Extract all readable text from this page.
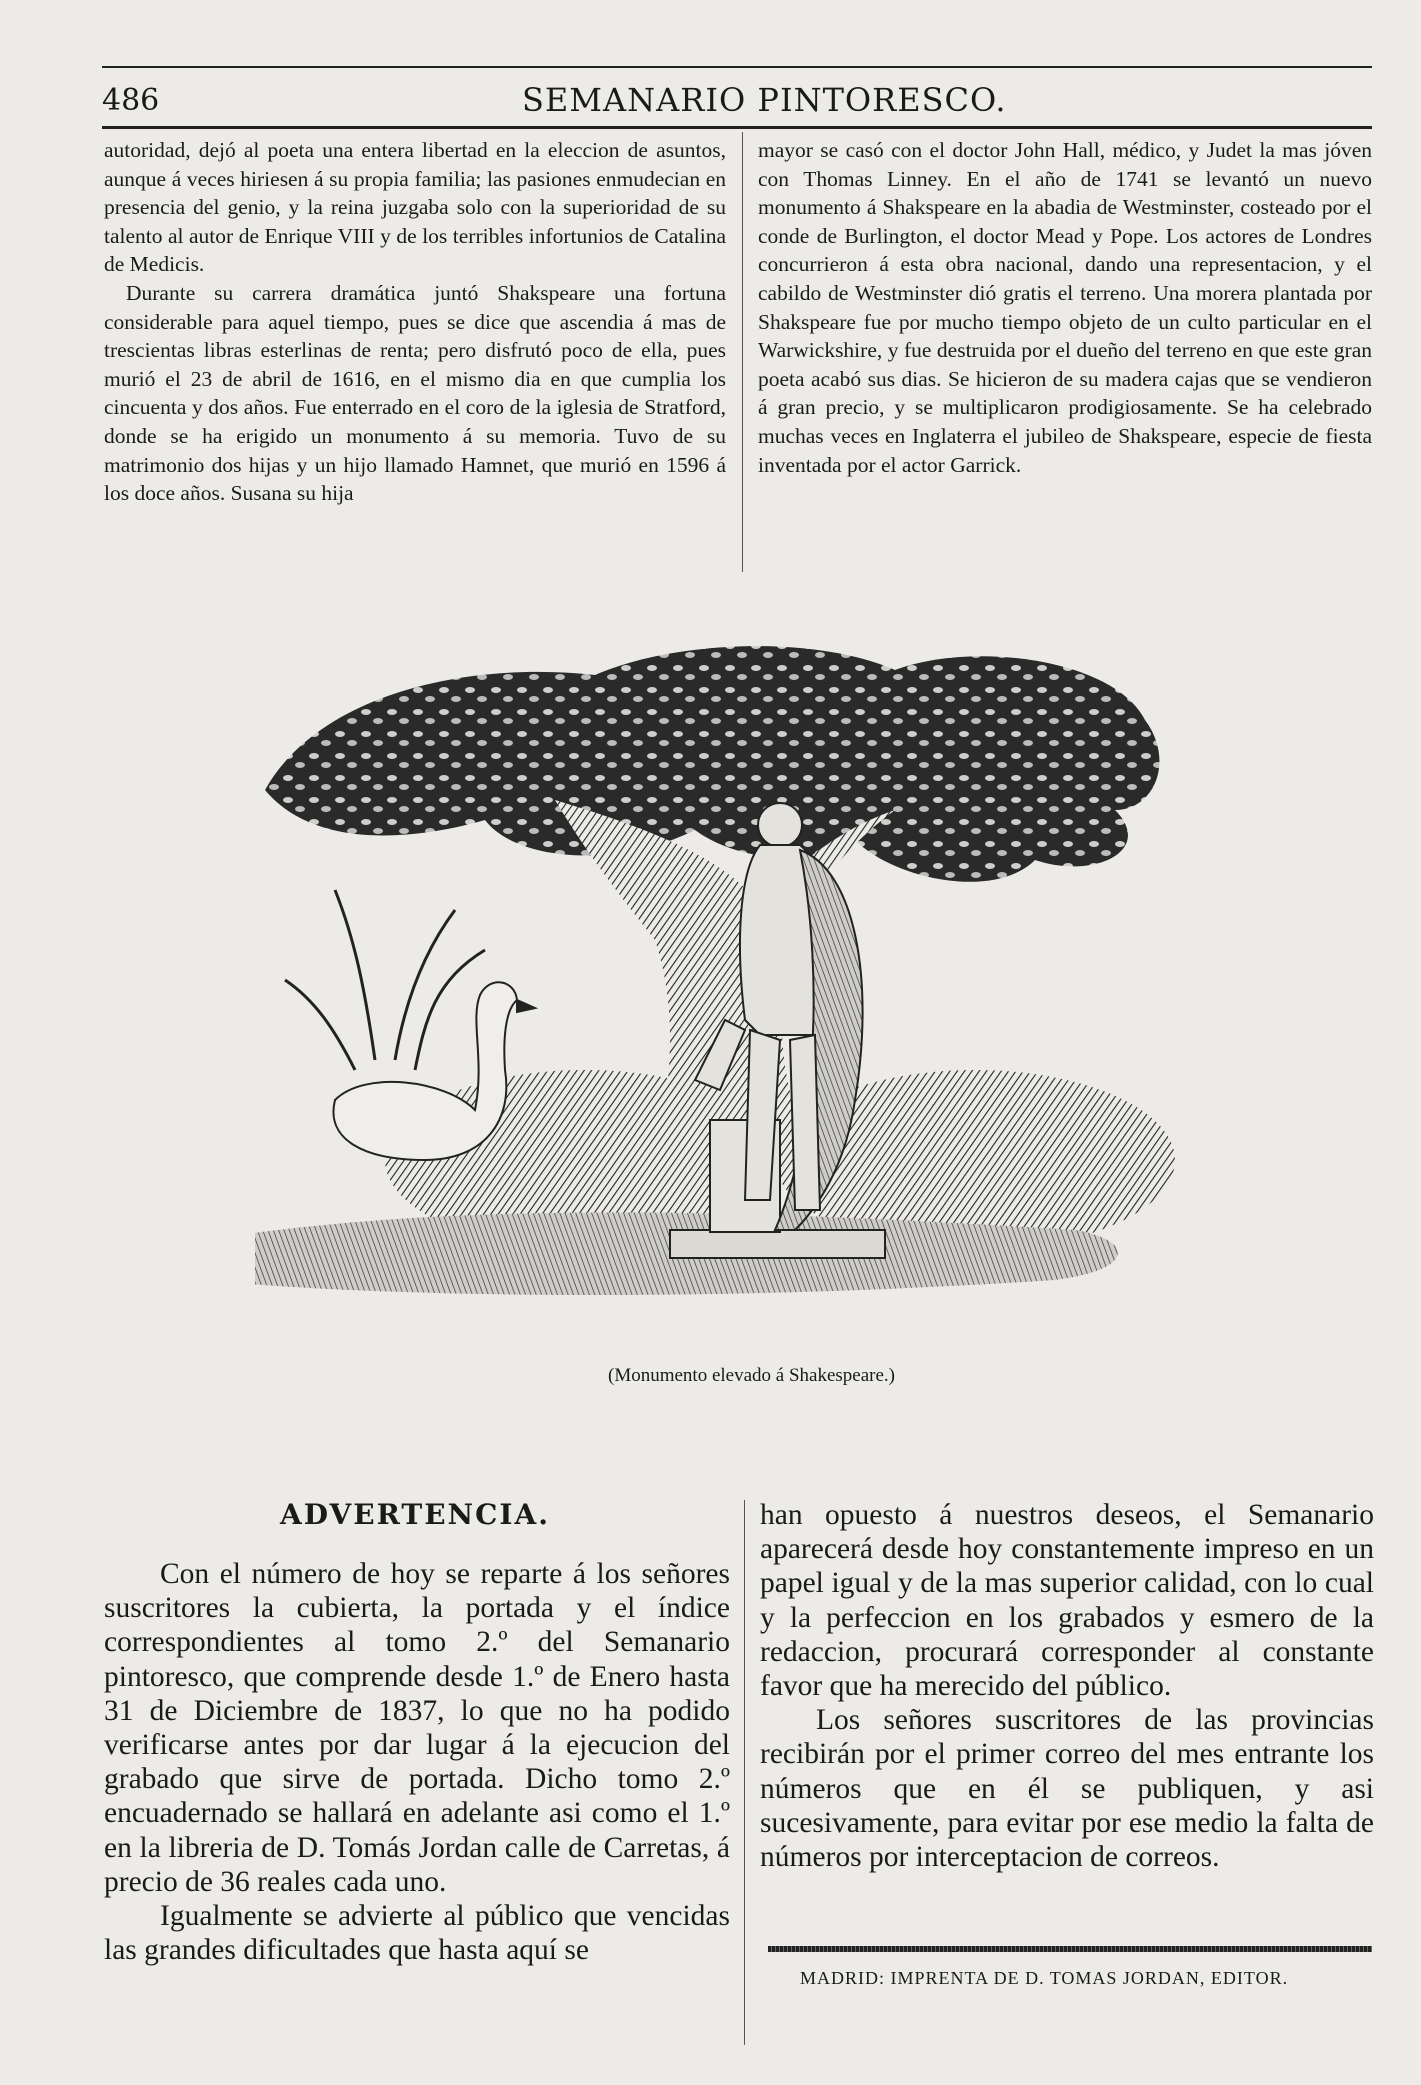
486	SEMANARIO PINTORESCO.

autoridad, dejó al poeta una entera libertad en la eleccion de asuntos, aunque á veces hiriesen á su propia familia; las pasiones enmudecian en presencia del genio, y la reina juzgaba solo con la superioridad de su talento al autor de Enrique VIII y de los terribles infortunios de Catalina de Medicis.

Durante su carrera dramática juntó Shakspeare una fortuna considerable para aquel tiempo, pues se dice que ascendia á mas de trescientas libras esterlinas de renta; pero disfrutó poco de ella, pues murió el 23 de abril de 1616, en el mismo dia en que cumplia los cincuenta y dos años. Fue enterrado en el coro de la iglesia de Stratford, donde se ha erigido un monumento á su memoria. Tuvo de su matrimonio dos hijas y un hijo llamado Hamnet, que murió en 1596 á los doce años. Susana su hija

mayor se casó con el doctor John Hall, médico, y Judet la mas jóven con Thomas Linney. En el año de 1741 se levantó un nuevo monumento á Shakspeare en la abadia de Westminster, costeado por el conde de Burlington, el doctor Mead y Pope. Los actores de Londres concurrieron á esta obra nacional, dando una representacion, y el cabildo de Westminster dió gratis el terreno. Una morera plantada por Shakspeare fue por mucho tiempo objeto de un culto particular en el Warwickshire, y fue destruida por el dueño del terreno en que este gran poeta acabó sus dias. Se hicieron de su madera cajas que se vendieron á gran precio, y se multiplicaron prodigiosamente. Se ha celebrado muchas veces en Inglaterra el jubileo de Shakspeare, especie de fiesta inventada por el actor Garrick.

(Monumento elevado á Shakespeare.)
ADVERTENCIA.

Con el número de hoy se reparte á los señores suscritores la cubierta, la portada y el índice correspondientes al tomo 2.º del Semanario pintoresco, que comprende desde 1.º de Enero hasta 31 de Diciembre de 1837, lo que no ha podido verificarse antes por dar lugar á la ejecucion del grabado que sirve de portada. Dicho tomo 2.º encuadernado se hallará en adelante asi como el 1.º en la libreria de D. Tomás Jordan calle de Carretas, á precio de 36 reales cada uno.

Igualmente se advierte al público que vencidas las grandes dificultades que hasta aquí se

han opuesto á nuestros deseos, el Semanario aparecerá desde hoy constantemente impreso en un papel igual y de la mas superior calidad, con lo cual y la perfeccion en los grabados y esmero de la redaccion, procurará corresponder al constante favor que ha merecido del público.

Los señores suscritores de las provincias recibirán por el primer correo del mes entrante los números que en él se publiquen, y asi sucesivamente, para evitar por ese medio la falta de números por interceptacion de correos.

MADRID: IMPRENTA DE D. TOMAS JORDAN, EDITOR.
